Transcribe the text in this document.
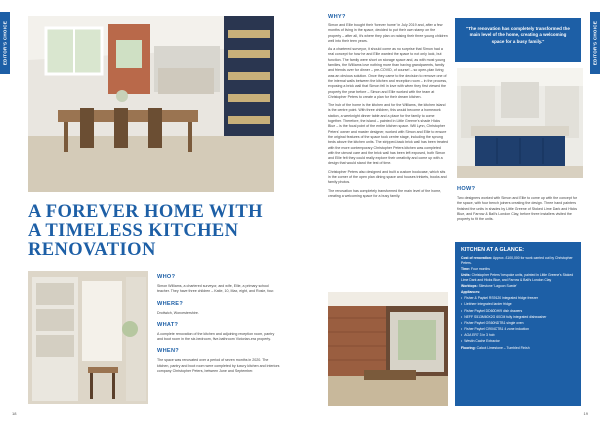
EDITOR'S CHOICE
A FOREVER HOME WITH A TIMELESS KITCHEN RENOVATION
WHO?
Simon Williams, a chartered surveyor, and wife, Ellie, a primary school teacher. They have three children – Katie, 10, Max, eight, and Rosie, four.
WHERE?
Droitwich, Worcestershire.
WHAT?
A complete renovation of the kitchen and adjoining reception room, pantry and boot room in the six-bedroom, five-bathroom Victorian-era property.
WHEN?
The space was renovated over a period of seven months in 2020. The kitchen, pantry and boot room were completed by luxury kitchen and interiors company Christopher Peters, between June and September.
18
EDITOR'S CHOICE
WHY?
Simon and Ellie bought their 'forever home' in July 2019 and, after a few months of living in the space, decided to put their own stamp on the property – after all, it's where they plan on raising their three young children well into their teen years.
As a chartered surveyor, it should come as no surprise that Simon had a real concept for how he and Ellie wanted the space to not only look, but function. The family were short on storage space and, as with most young families, the Williams love nothing more than having grandparents, family and friends over for dinner – pre-COVID, of course! – so open-plan living was an obvious solution. Once they came to the decision to remove one of the internal walls between the kitchen and reception room – in the process, exposing a brick wall that Simon fell in love with when they first viewed the property the year before – Simon and Ellie worked with the team at Christopher Peters to create a plan for their dream kitchen.
The hub of the home is the kitchen and for the Williams, the kitchen island is the centre point. With three children, this would become a homework station, a weeknight dinner table and a place for the family to come together. Therefore, the island – painted in Little Greene's shade Hicks Blue – is the focal point of the entire kitchen space. Will Lynn, Christopher Peters' owner and master designer, worked with Simon and Ellie to ensure the original features of the space took centre stage, including the sprung beds above the kitchen units. The stripped-back brick wall has been treated with the more contemporary Christopher Peters kitchen was completed with the utmost care and the brick wall has been left exposed, both Simon and Ellie felt they could really explore their creativity and come up with a design that would stand the test of time.
Christopher Peters also designed and built a custom bookcase, which sits in the corner of the open plan dining space and houses trinkets, books and family photos.
The renovation has completely transformed the main level of the home, creating a welcoming space for a busy family.
"The renovation has completely transformed the main level of the home, creating a welcoming space for a busy family."
HOW?
Two designers worked with Simon and Ellie to come up with the concept for the space, with four bench joiners creating the design. Three hand painters finished the units in shades by Little Greene of Stoked Lime Dark and Hicks Blue, and Farrow & Ball's London Clay, before three installers visited the property to fit the units.
KITCHEN AT A GLANCE:
Cost of renovation: Approx. £100,000 for work carried out by Christopher Peters.
Time: Four months
Units: Christopher Peters' bespoke units, painted in Little Greene's Stoked Lime Dark and Hicks Blue, and Farrow & Ball's London Clay
Worktops: Silestone 'Lagoon Suede'
Appliances:
• Fisher & Paykel RS9120 integrated fridge freezer
• Liebherr integrated larder fridge
• Fisher Paykel DD60DHI9 dish drawers
• NEFF S513M60X2G 60CM fully integrated dishwasher
• Fisher Paykel OS60NDTB1 single oven
• Fisher Paykel CI904CTB1 4 zone induction
• AGA ER7 3 in 3 hob
• Westin Cache Extractor
Flooring: Calcot Limestone – Tumbled Finish
19
